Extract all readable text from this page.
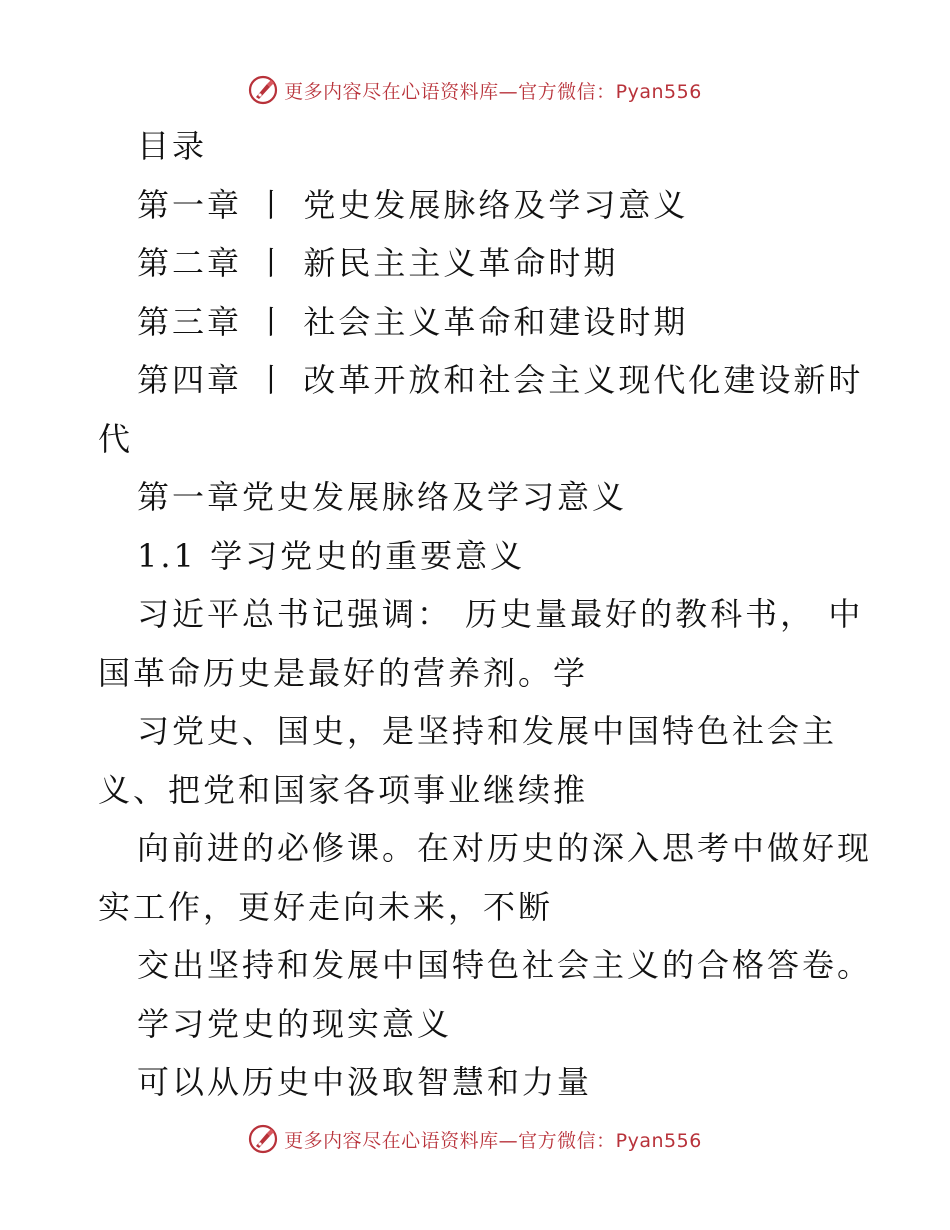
更多内容尽在心语资料库—官方微信：Pyan556
目录
第一章 丨 党史发展脉络及学习意义
第二章 丨 新民主主义革命时期
第三章 丨 社会主义革命和建设时期
第四章 丨 改革开放和社会主义现代化建设新时
代
第一章党史发展脉络及学习意义
1.1 学习党史的重要意义
习近平总书记强调： 历史量最好的教科书， 中
国革命历史是最好的营养剂。学
习党史、国史，是坚持和发展中国特色社会主
义、把党和国家各项事业继续推
向前进的必修课。在对历史的深入思考中做好现
实工作，更好走向未来，不断
交出坚持和发展中国特色社会主义的合格答卷。
学习党史的现实意义
可以从历史中汲取智慧和力量
更多内容尽在心语资料库—官方微信：Pyan556
